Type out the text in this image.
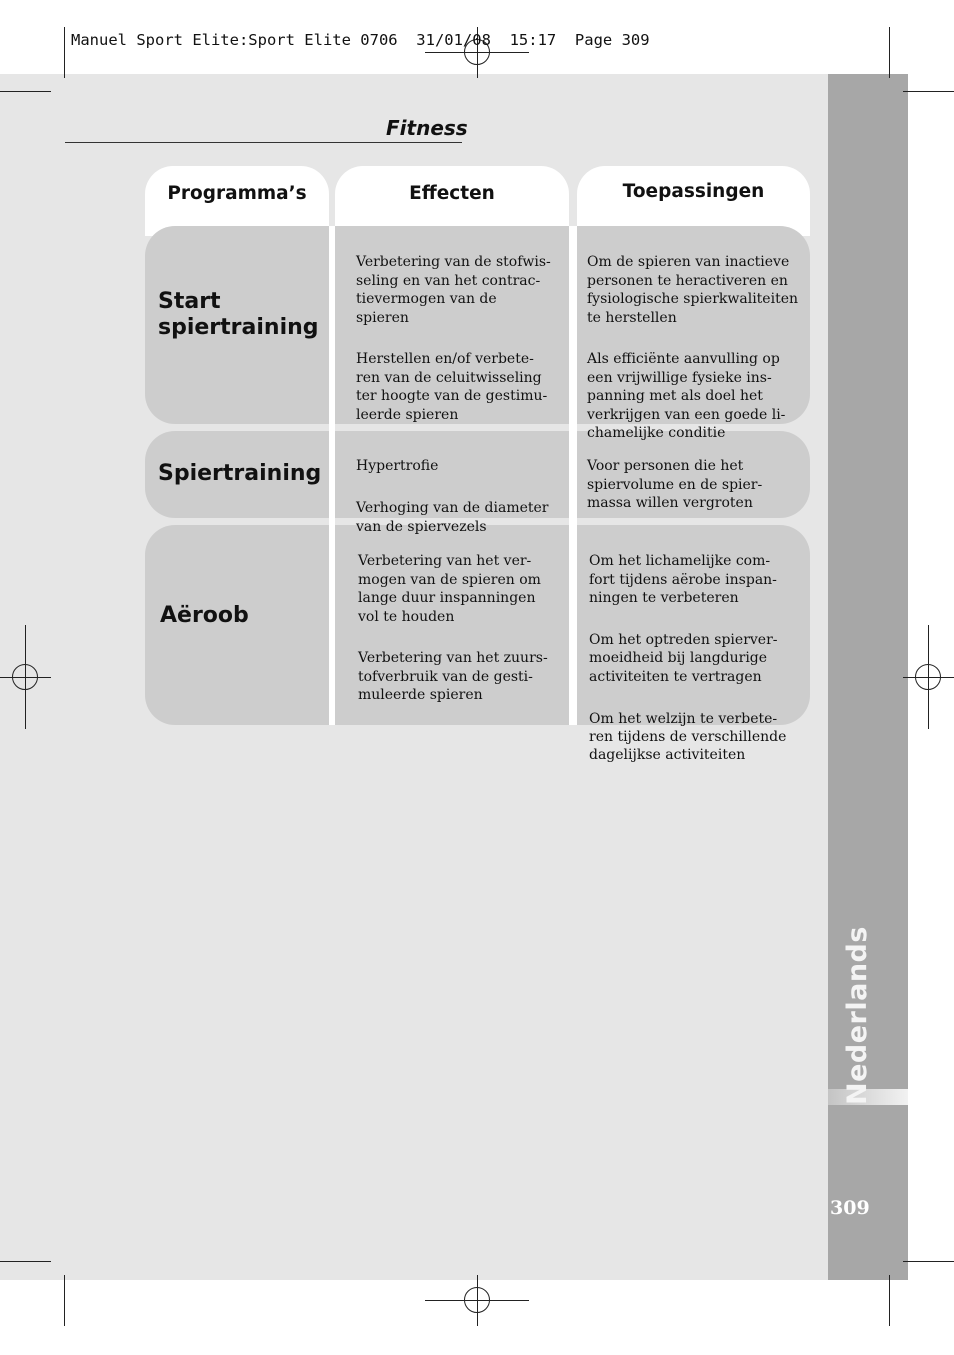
Nederlands
309
Manuel Sport Elite:Sport Elite 0706  31/01/08  15:17  Page 309
Fitness
Programma’s	Effecten	Toepassingen
Start
spiertraining

Verbetering van de stofwis-
seling en van het contrac-
tievermogen van de
spieren

Herstellen en/of verbete-
ren van de celuitwisseling
ter hoogte van de gestimu-
leerde spieren

Om de spieren van inactieve
personen te heractiveren en
fysiologische spierkwaliteiten
te herstellen

Als efficiënte aanvulling op
een vrijwillige fysieke ins-
panning met als doel het
verkrijgen van een goede li-
chamelijke conditie

Spiertraining Hypertrofie

Verhoging van de diameter
van de spiervezels

Voor personen die het
spiervolume en de spier-
massa willen vergroten

Aëroob

Verbetering van het ver-
mogen van de spieren om
lange duur inspanningen
vol te houden

Verbetering van het zuurs-
tofverbruik van de gesti-
muleerde spieren

Om het lichamelijke com-
fort tijdens aërobe inspan-
ningen te verbeteren

Om het optreden spierver-
moeidheid bij langdurige
activiteiten te vertragen

Om het welzijn te verbete-
ren tijdens de verschillende
dagelijkse activiteiten
